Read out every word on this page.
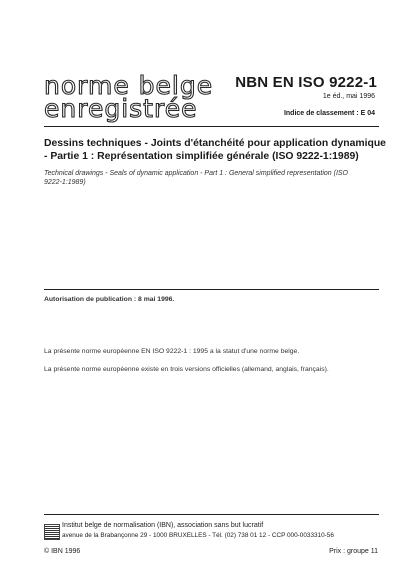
norme belge
enregistrée
NBN EN ISO 9222-1
1e éd., mai 1996
Indice de classement : E 04
Dessins techniques - Joints d'étanchéité pour application dynamique
- Partie 1 : Représentation simplifiée générale (ISO 9222-1:1989)
Technical drawings - Seals of dynamic application - Part 1 : General simplified representation (ISO
9222-1:1989)
Autorisation de publication : 8 mai 1996.
La présente norme européenne EN ISO 9222-1 : 1995 a la statut d'une norme belge.
La présente norme européenne existe en trois versions officielles (allemand, anglais, français).
Institut belge de normalisation (IBN), association sans but lucratif
avenue de la Brabançonne 29 - 1000 BRUXELLES - Tél. (02) 738 01 12 - CCP 000-0033310-56
© IBN 1996	Prix : groupe 11
